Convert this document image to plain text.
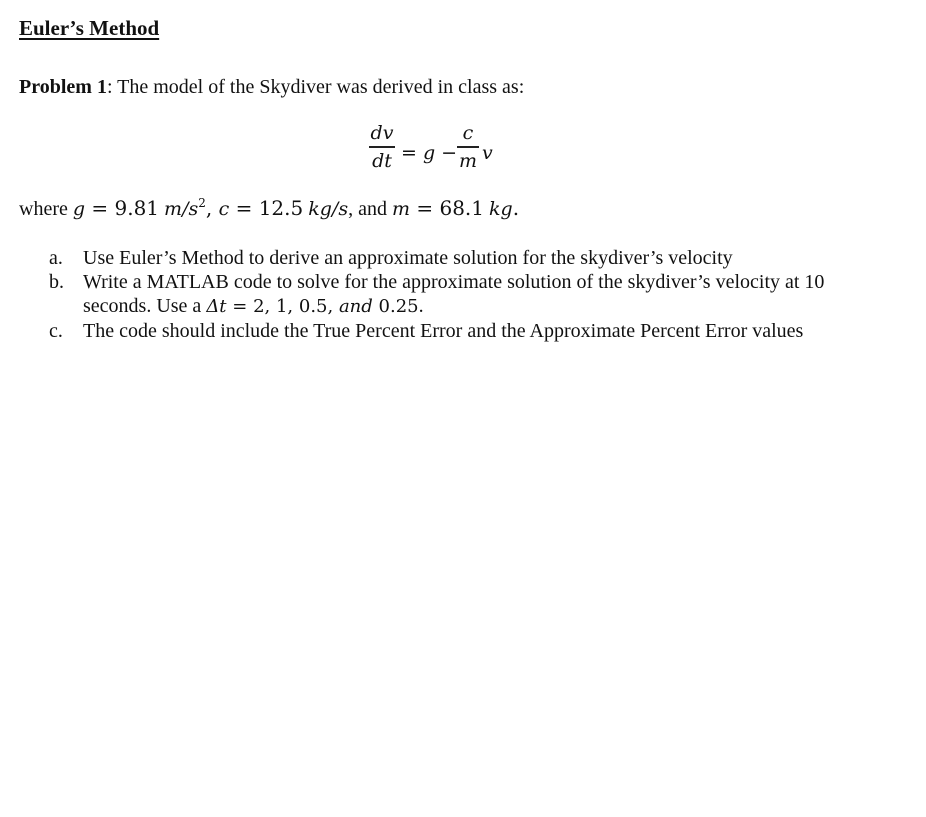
Euler’s Method
Problem 1: The model of the Skydiver was derived in class as:
dv
dt = g −
c
m v
where g = 9.81 $m/s^2$, c = 12.5 kg/s, and m = 68.1 kg.
a. Use Euler’s Method to derive an approximate solution for the skydiver’s velocity
b. Write a MATLAB code to solve for the approximate solution of the skydiver’s velocity at 10 seconds. Use a Δt = 2, 1, 0.5, and 0.25.
c. The code should include the True Percent Error and the Approximate Percent Error values
